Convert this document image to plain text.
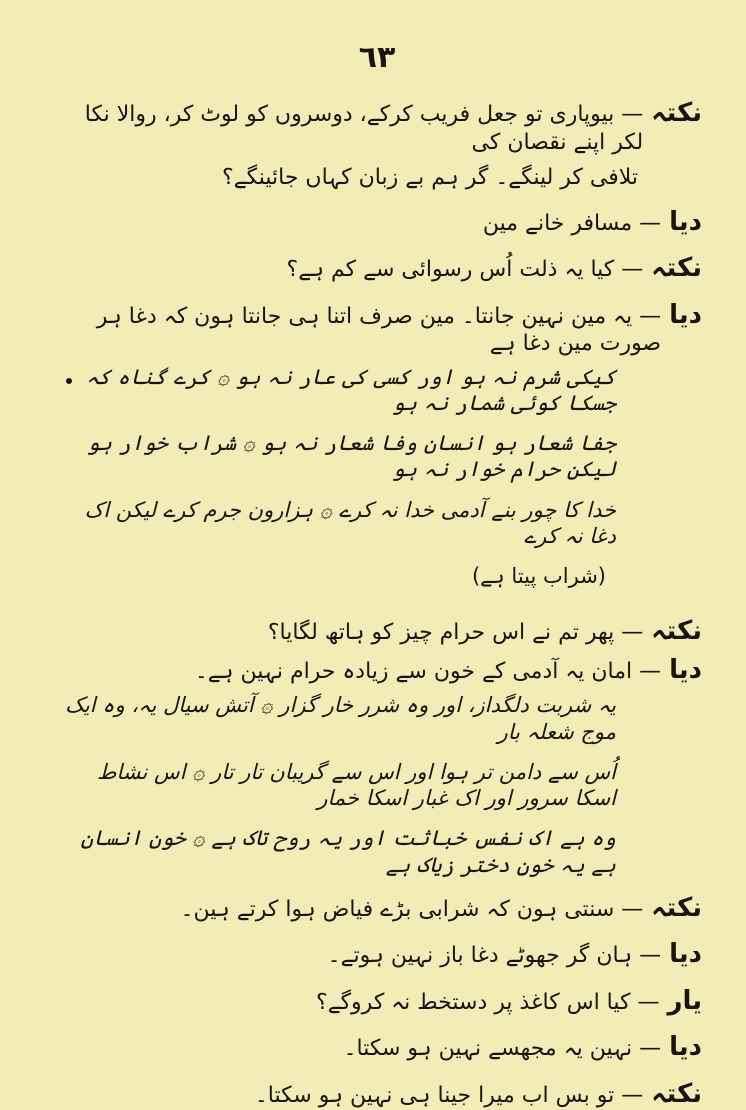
٦٣

نکتہ
— بیوپاری تو جعل فریب کرکے، دوسروں کو لوٹ کر، روالا نکا لکر اپنے نقصان کی

تلافی کر لینگے۔ گر ہم بے زبان کہاں جائینگے؟

دیا
— مسافر خانے مین

نکتہ
— کیا یہ ذلت اُس رسوائی سے کم ہے؟

دیا
— یہ مین نہین جانتا۔ مین صرف اتنا ہی جانتا ہون کہ دغا ہر صورت مین دغا ہے

کیکی شرم نہ ہو اور کسی کی عار نہ ہو ۞ کرے گناہ کہ جسکا کوئی شمار نہ ہو

جفا شعار ہو انسان وفا شعار نہ ہو ۞ شراب خوار ہو لیکن حرام خوار نہ ہو

خدا کا چور بنے آدمی خدا نہ کرے ۞ ہزارون جرم کرے لیکن اک دغا نہ کرے

(شراب پیتا ہے)

نکتہ
— پھر تم نے اس حرام چیز کو ہاتھ لگایا؟

دیا
— امان یہ آدمی کے خون سے زیادہ حرام نہین ہے۔

یہ شربت دلگداز، اور وہ شرر خار گزار ۞ آتش سیال یہ، وہ ایک موج شعلہ بار

اُس سے دامن تر ہوا اور اس سے گریبان تار تار ۞ اس نشاط اسکا سرور اور اک غبار اسکا خمار

وہ ہے اک نفس خباثت اور یہ روح تاک ہے ۞ خون انسان ہے یہ خونِ دختر زیاک ہے

نکتہ
— سنتی ہون کہ شرابی بڑے فیاض ہوا کرتے ہین۔

دیا
— ہان گر جھوٹے دغا باز نہین ہوتے۔

یار
— کیا اس کاغذ پر دستخط نہ کروگے؟

دیا
— نہین یہ مجھسے نہین ہو سکتا۔

نکتہ
— تو بس اب میرا جینا ہی نہین ہو سکتا۔
